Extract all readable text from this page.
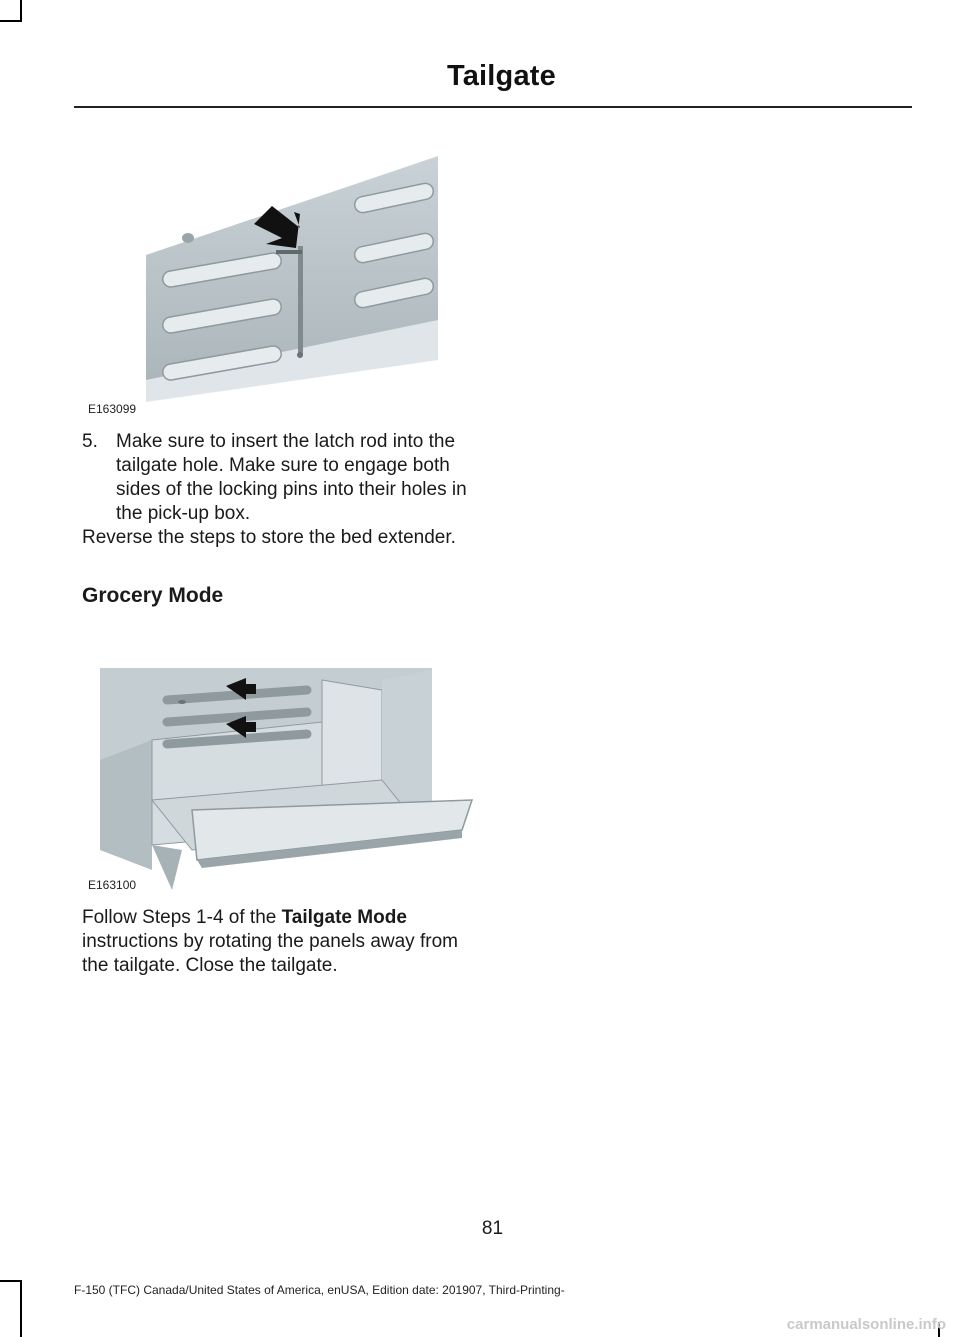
Tailgate
E163099
5. Make sure to insert the latch rod into the tailgate hole. Make sure to engage both sides of the locking pins into their holes in the pick-up box.
Reverse the steps to store the bed extender.
Grocery Mode
E163100
Follow Steps 1-4 of the Tailgate Mode instructions by rotating the panels away from the tailgate. Close the tailgate.
81
F-150 (TFC) Canada/United States of America, enUSA, Edition date: 201907, Third-Printing-
carmanualsonline.info
